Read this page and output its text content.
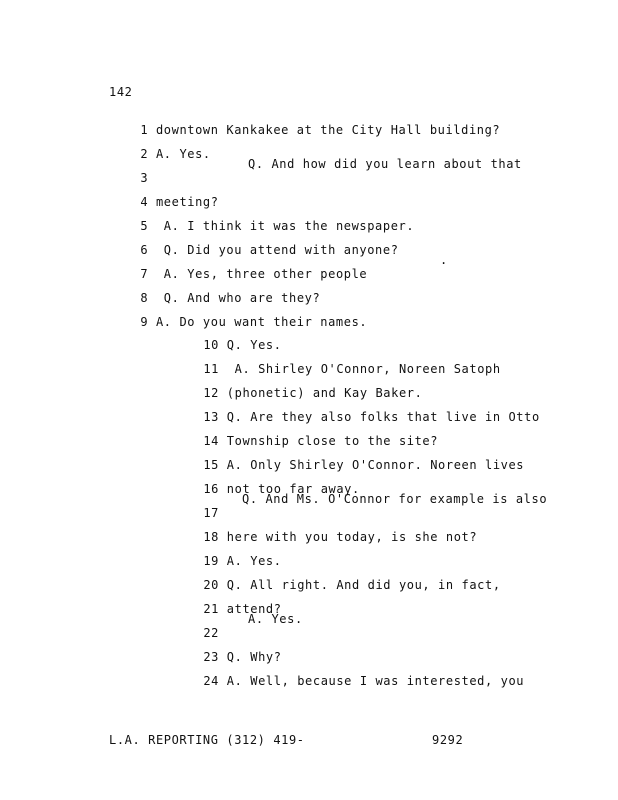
142

1 downtown Kankakee at the City Hall building?

2 A. Yes.

3

Q. And how did you learn about that

4 meeting?

5 A. I think it was the newspaper.

6 Q. Did you attend with anyone?

7 A. Yes, three other people

.

8 Q. And who are they?

9 A. Do you want their names.

10 Q. Yes.

11 A. Shirley O'Connor, Noreen Satoph

12 (phonetic) and Kay Baker.

13 Q. Are they also folks that live in Otto

14 Township close to the site?

15 A. Only Shirley O'Connor. Noreen lives

16 not too far away.

17

Q. And Ms. O'Connor for example is also

18 here with you today, is she not?

19 A. Yes.

20 Q. All right. And did you, in fact,

21 attend?

22

A. Yes.

23 Q. Why?

24 A. Well, because I was interested, you

L.A. REPORTING (312) 419-	9292
